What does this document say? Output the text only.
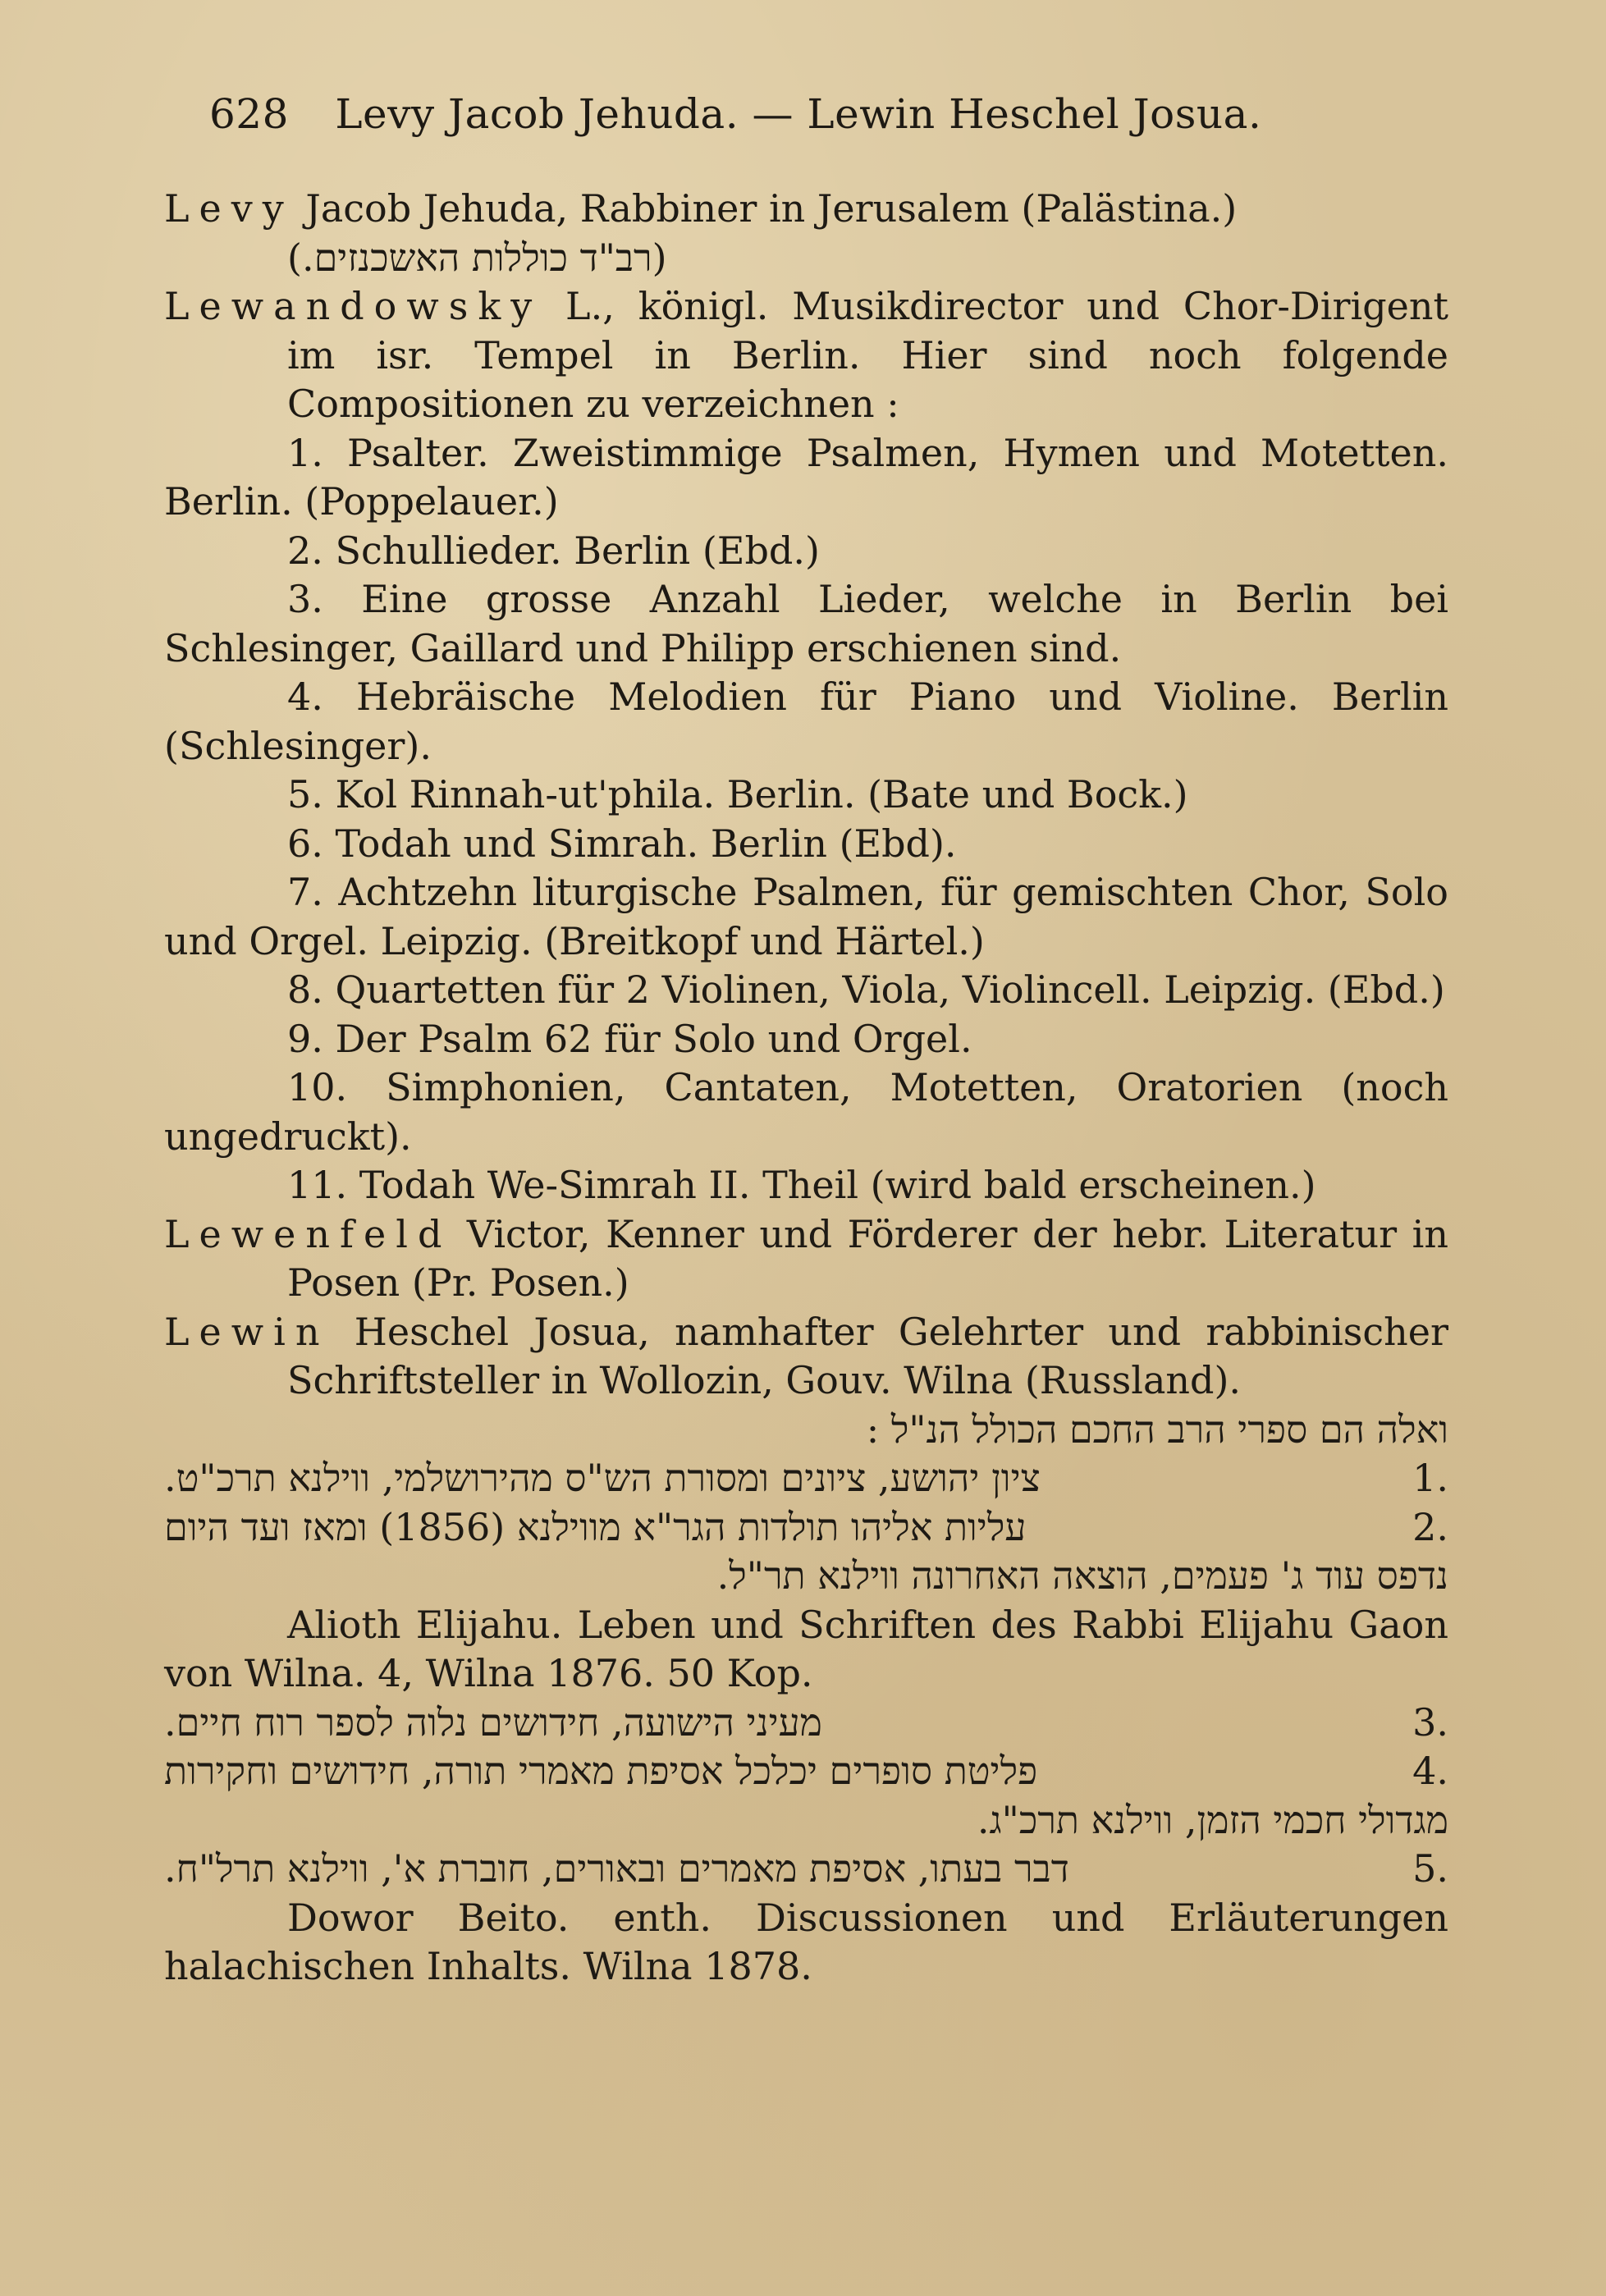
628 Levy Jacob Jehuda. — Lewin Heschel Josua.
Levy Jacob Jehuda, Rabbiner in Jerusalem (Palästina.)
(רב"ד כוללות האשכנזים.)
Lewandowsky L., königl. Musikdirector und Chor-Dirigent im isr. Tempel in Berlin. Hier sind noch folgende Compositionen zu verzeichnen :
1. Psalter. Zweistimmige Psalmen, Hymen und Motetten. Berlin. (Poppelauer.)
2. Schullieder. Berlin (Ebd.)
3. Eine grosse Anzahl Lieder, welche in Berlin bei Schlesinger, Gaillard und Philipp erschienen sind.
4. Hebräische Melodien für Piano und Violine. Berlin (Schlesinger).
5. Kol Rinnah-ut'phila. Berlin. (Bate und Bock.)
6. Todah und Simrah. Berlin (Ebd).
7. Achtzehn liturgische Psalmen, für gemischten Chor, Solo und Orgel. Leipzig. (Breitkopf und Härtel.)
8. Quartetten für 2 Violinen, Viola, Violincell. Leipzig. (Ebd.)
9. Der Psalm 62 für Solo und Orgel.
10. Simphonien, Cantaten, Motetten, Oratorien (noch ungedruckt).
11. Todah We-Simrah II. Theil (wird bald erscheinen.)
Lewenfeld Victor, Kenner und Förderer der hebr. Literatur in Posen (Pr. Posen.)
Lewin Heschel Josua, namhafter Gelehrter und rabbinischer Schriftsteller in Wollozin, Gouv. Wilna (Russland).
ואלה הם ספרי הרב החכם הכולל הנ"ל :
1.
ציון יהושע, ציונים ומסורת הש"ס מהירושלמי, ווילנא תרכ"ט.
2.
עליות אליהו תולדות הגר"א מווילנא (1856) ומאז ועד היום
נדפס עוד ג' פעמים, הוצאה האחרונה ווילנא תר"ל.
Alioth Elijahu. Leben und Schriften des Rabbi Elijahu Gaon von Wilna. 4, Wilna 1876. 50 Kop.
3.
מעיני הישועה, חידושים נלוה לספר רוח חיים.
4.
פליטת סופרים יכלכל אסיפת מאמרי תורה, חידושים וחקירות
מגדולי חכמי הזמן, ווילנא תרכ"ג.
5.
דבר בעתו, אסיפת מאמרים ובאורים, חוברת א', ווילנא תרל"ח.
Dowor Beito. enth. Discussionen und Erläuterungen halachischen Inhalts. Wilna 1878.
